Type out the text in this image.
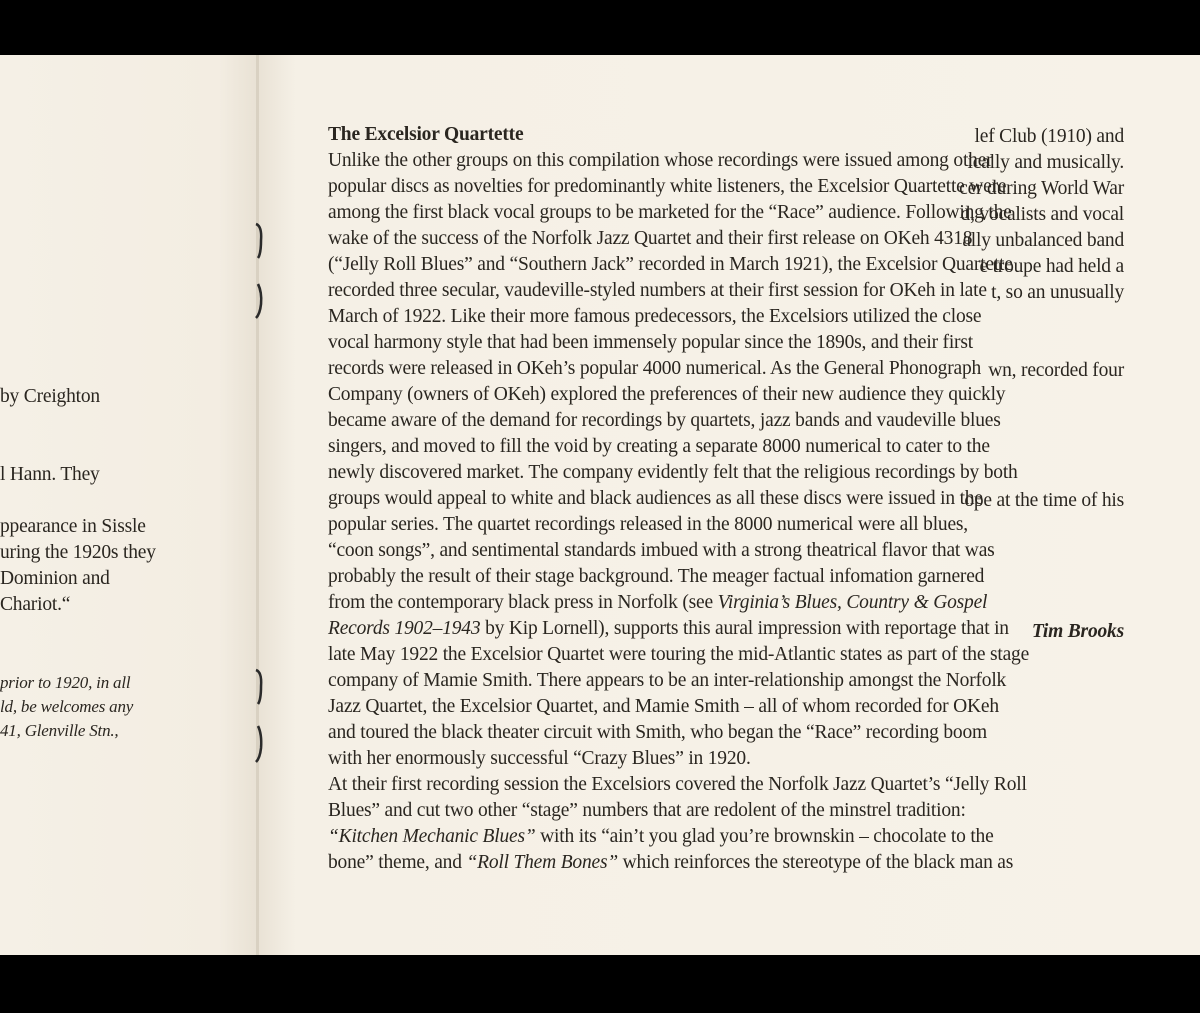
lef Club (1910) and
ically and musically.
cer during World War
d, vocalists and vocal
ally unbalanced band
e troupe had held a
t, so an unusually
wn, recorded four
by Creighton
l Hann. They
ope at the time of his
ppearance in Sissle
uring the 1920s they
Dominion and
Chariot.“
Tim Brooks
prior to 1920, in all
ld, be welcomes any
41, Glenville Stn.,
The Excelsior Quartette
Unlike the other groups on this compilation whose recordings were issued among other
popular discs as novelties for predominantly white listeners, the Excelsior Quartette were
among the first black vocal groups to be marketed for the “Race” audience. Following the
wake of the success of the Norfolk Jazz Quartet and their first release on OKeh 4318
(“Jelly Roll Blues” and “Southern Jack” recorded in March 1921), the Excelsior Quartette
recorded three secular, vaudeville-styled numbers at their first session for OKeh in late
March of 1922. Like their more famous predecessors, the Excelsiors utilized the close
vocal harmony style that had been immensely popular since the 1890s, and their first
records were released in OKeh’s popular 4000 numerical. As the General Phonograph
Company (owners of OKeh) explored the preferences of their new audience they quickly
became aware of the demand for recordings by quartets, jazz bands and vaudeville blues
singers, and moved to fill the void by creating a separate 8000 numerical to cater to the
newly discovered market. The company evidently felt that the religious recordings by both
groups would appeal to white and black audiences as all these discs were issued in the
popular series. The quartet recordings released in the 8000 numerical were all blues,
“coon songs”, and sentimental standards imbued with a strong theatrical flavor that was
probably the result of their stage background. The meager factual infomation garnered
from the contemporary black press in Norfolk (see Virginia’s Blues, Country & Gospel
Records 1902–1943 by Kip Lornell), supports this aural impression with reportage that in
late May 1922 the Excelsior Quartet were touring the mid-Atlantic states as part of the stage
company of Mamie Smith. There appears to be an inter-relationship amongst the Norfolk
Jazz Quartet, the Excelsior Quartet, and Mamie Smith – all of whom recorded for OKeh
and toured the black theater circuit with Smith, who began the “Race” recording boom
with her enormously successful “Crazy Blues” in 1920.
At their first recording session the Excelsiors covered the Norfolk Jazz Quartet’s “Jelly Roll
Blues” and cut two other “stage” numbers that are redolent of the minstrel tradition:
“Kitchen Mechanic Blues” with its “ain’t you glad you’re brownskin – chocolate to the
bone” theme, and “Roll Them Bones” which reinforces the stereotype of the black man as
